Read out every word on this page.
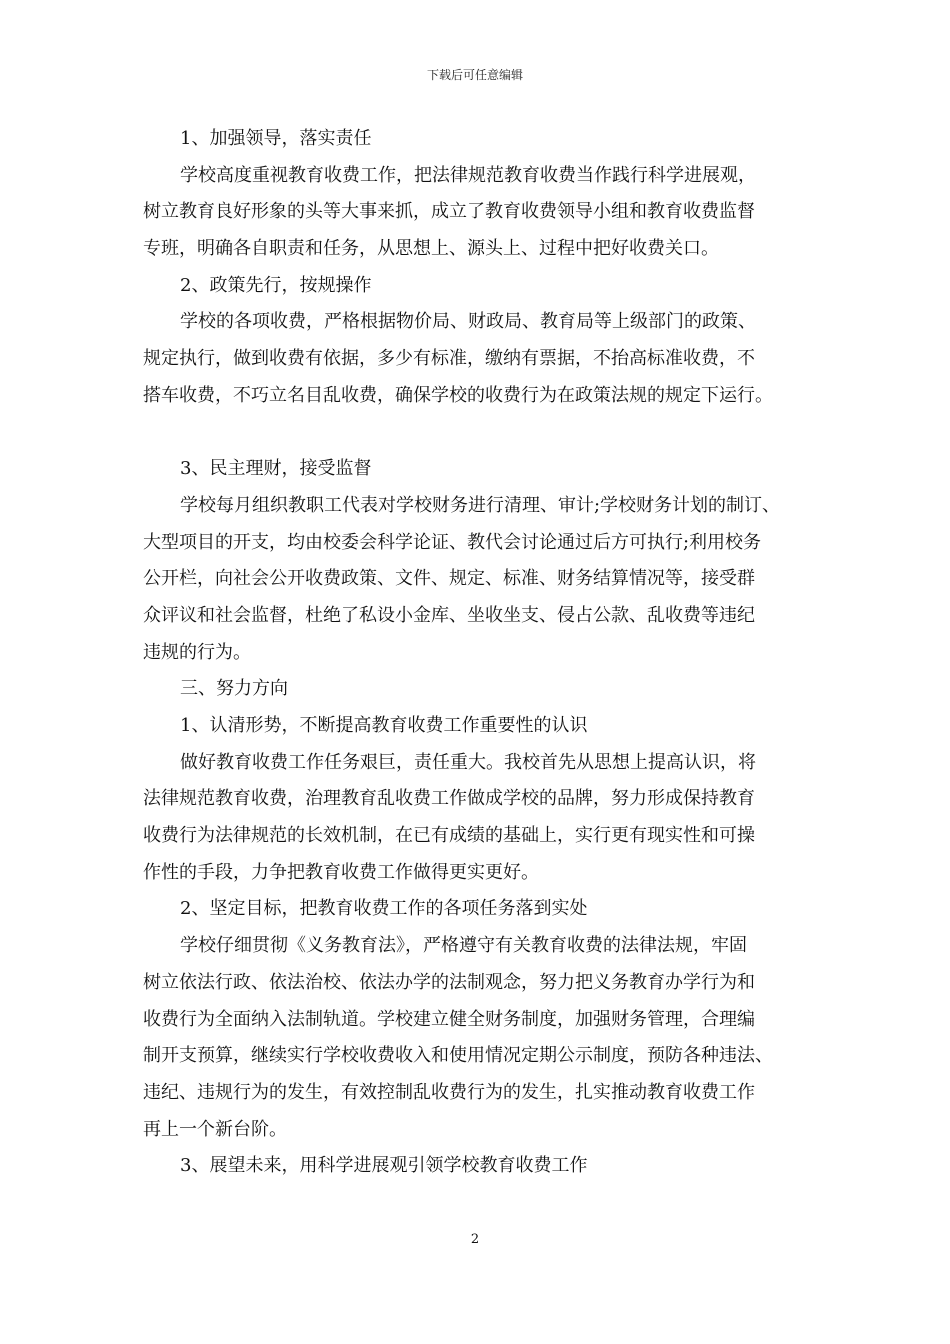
下载后可任意编辑
1、加强领导，落实责任
学校高度重视教育收费工作，把法律规范教育收费当作践行科学进展观，
树立教育良好形象的头等大事来抓，成立了教育收费领导小组和教育收费监督
专班，明确各自职责和任务，从思想上、源头上、过程中把好收费关口。
2、政策先行，按规操作
学校的各项收费，严格根据物价局、财政局、教育局等上级部门的政策、
规定执行，做到收费有依据，多少有标准，缴纳有票据，不抬高标准收费，不
搭车收费，不巧立名目乱收费，确保学校的收费行为在政策法规的规定下运行。
3、民主理财，接受监督
学校每月组织教职工代表对学校财务进行清理、审计;学校财务计划的制订、
大型项目的开支，均由校委会科学论证、教代会讨论通过后方可执行;利用校务
公开栏，向社会公开收费政策、文件、规定、标准、财务结算情况等，接受群
众评议和社会监督，杜绝了私设小金库、坐收坐支、侵占公款、乱收费等违纪
违规的行为。
三、努力方向
1、认清形势，不断提高教育收费工作重要性的认识
做好教育收费工作任务艰巨，责任重大。我校首先从思想上提高认识，将
法律规范教育收费，治理教育乱收费工作做成学校的品牌，努力形成保持教育
收费行为法律规范的长效机制，在已有成绩的基础上，实行更有现实性和可操
作性的手段，力争把教育收费工作做得更实更好。
2、坚定目标，把教育收费工作的各项任务落到实处
学校仔细贯彻《义务教育法》，严格遵守有关教育收费的法律法规，牢固
树立依法行政、依法治校、依法办学的法制观念，努力把义务教育办学行为和
收费行为全面纳入法制轨道。学校建立健全财务制度，加强财务管理，合理编
制开支预算，继续实行学校收费收入和使用情况定期公示制度，预防各种违法、
违纪、违规行为的发生，有效控制乱收费行为的发生，扎实推动教育收费工作
再上一个新台阶。
3、展望未来，用科学进展观引领学校教育收费工作
2
